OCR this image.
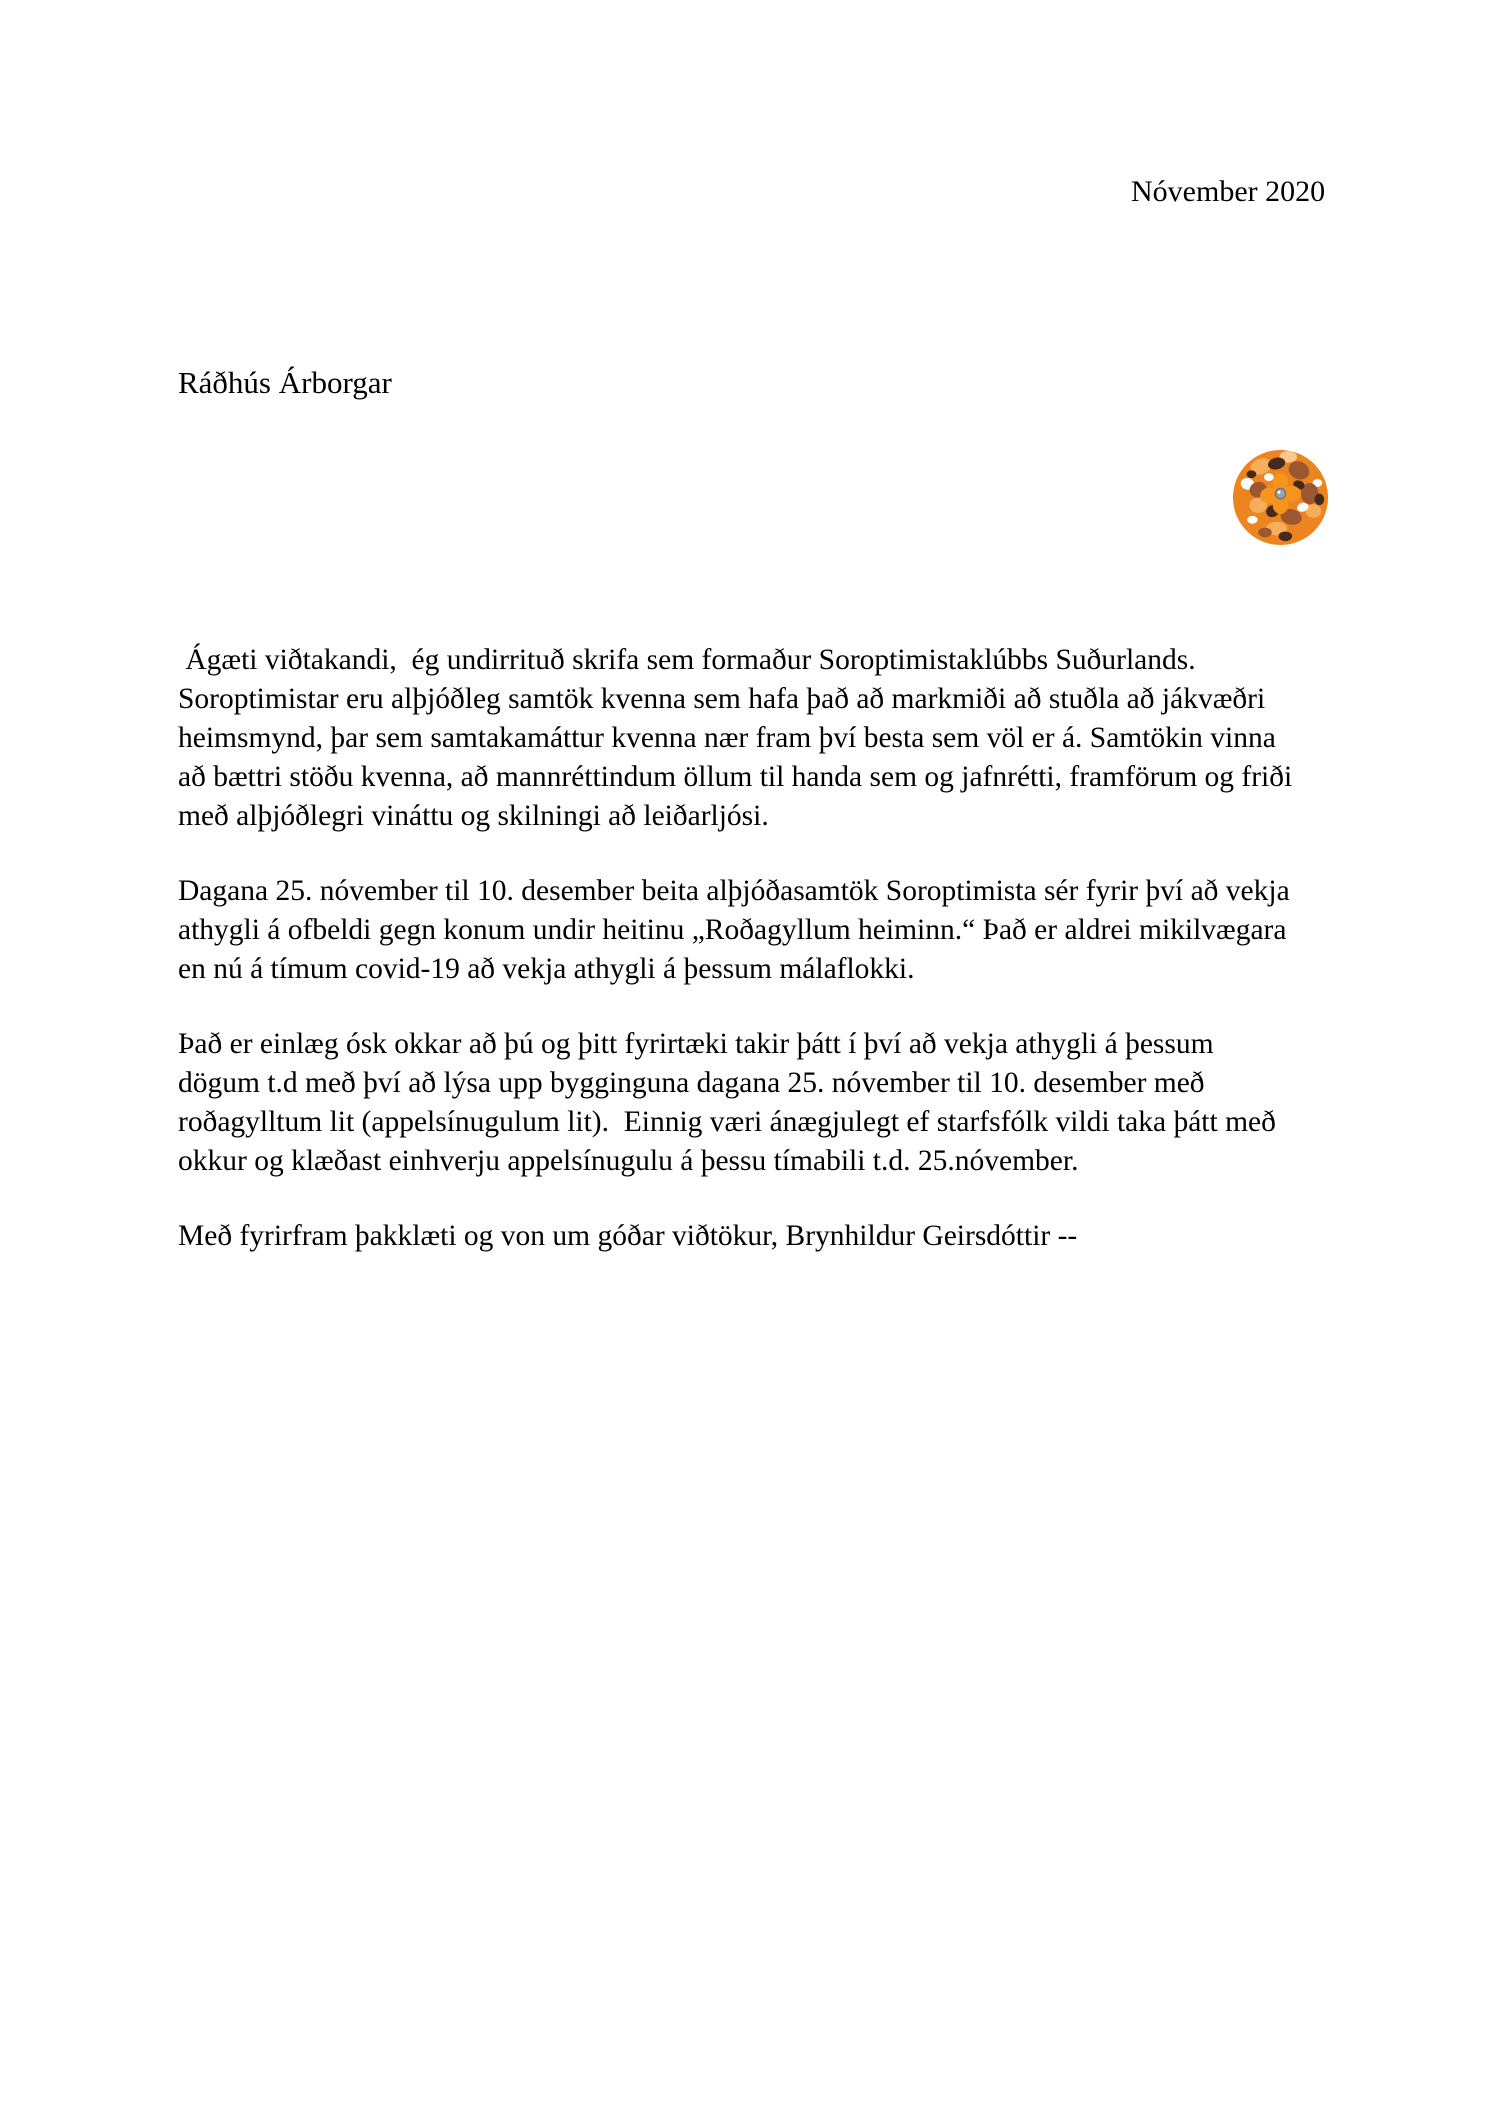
Nóvember 2020
Ráðhús Árborgar
Ágæti viðtakandi,  ég undirrituð skrifa sem formaður Soroptimistaklúbbs Suðurlands.
Soroptimistar eru alþjóðleg samtök kvenna sem hafa það að markmiði að stuðla að jákvæðri
heimsmynd, þar sem samtakamáttur kvenna nær fram því besta sem völ er á. Samtökin vinna
að bættri stöðu kvenna, að mannréttindum öllum til handa sem og jafnrétti, framförum og friði
með alþjóðlegri vináttu og skilningi að leiðarljósi.
Dagana 25. nóvember til 10. desember beita alþjóðasamtök Soroptimista sér fyrir því að vekja
athygli á ofbeldi gegn konum undir heitinu „Roðagyllum heiminn.“ Það er aldrei mikilvægara
en nú á tímum covid-19 að vekja athygli á þessum málaflokki.
Það er einlæg ósk okkar að þú og þitt fyrirtæki takir þátt í því að vekja athygli á þessum
dögum t.d með því að lýsa upp bygginguna dagana 25. nóvember til 10. desember með
roðagylltum lit (appelsínugulum lit).  Einnig væri ánægjulegt ef starfsfólk vildi taka þátt með
okkur og klæðast einhverju appelsínugulu á þessu tímabili t.d. 25.nóvember.
Með fyrirfram þakklæti og von um góðar viðtökur, Brynhildur Geirsdóttir --
